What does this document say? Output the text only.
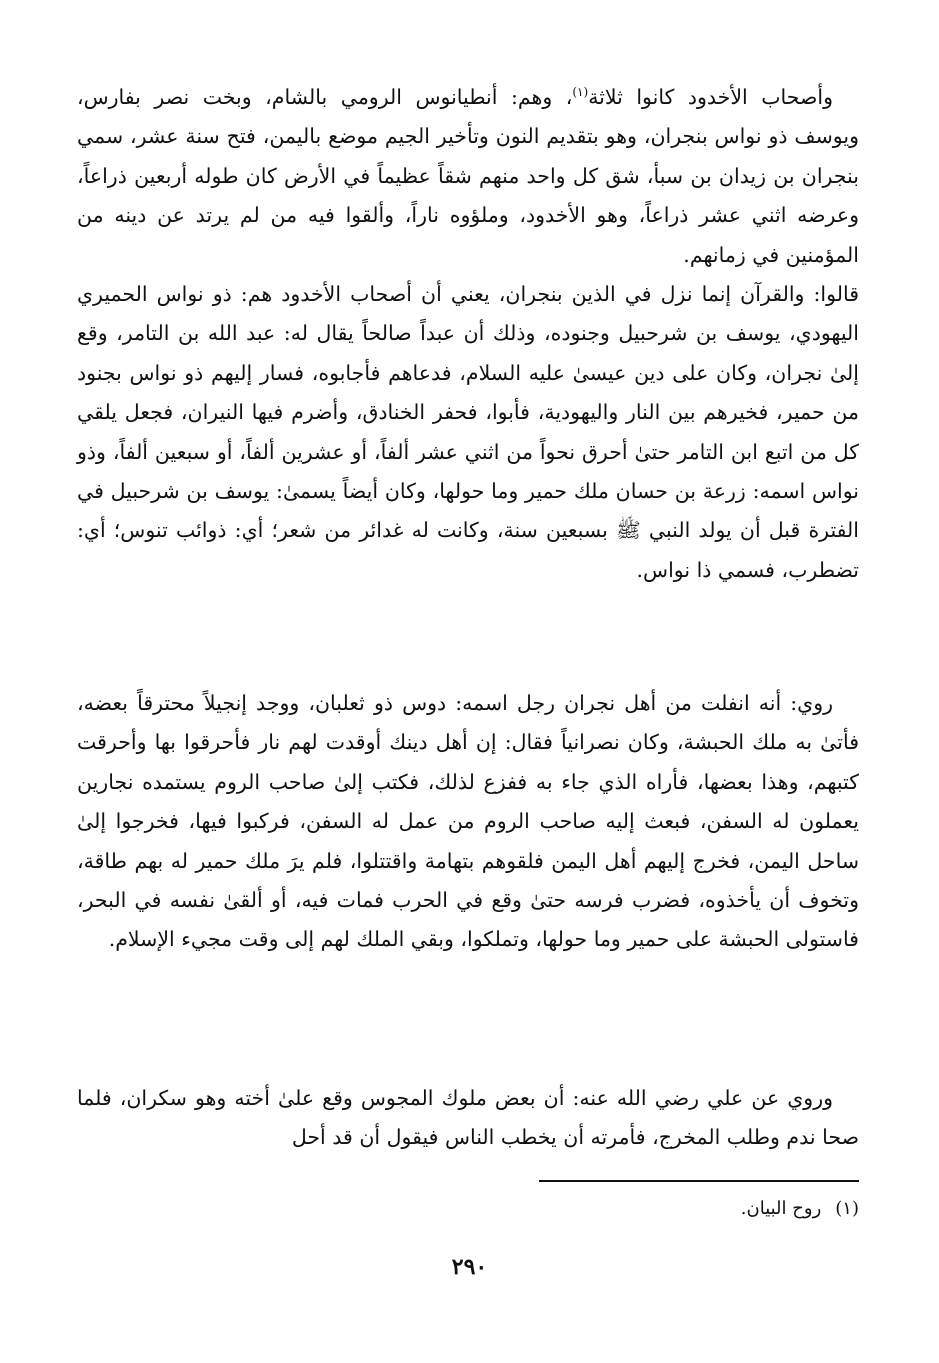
وأصحاب الأخدود كانوا ثلاثة$^{(١)}$، وهم: أنطيانوس الرومي بالشام، وبخت نصر بفارس، ويوسف ذو نواس بنجران، وهو بتقديم النون وتأخير الجيم موضع باليمن، فتح سنة عشر، سمي بنجران بن زيدان بن سبأ، شق كل واحد منهم شقاً عظيماً في الأرض كان طوله أربعين ذراعاً، وعرضه اثني عشر ذراعاً، وهو الأخدود، وملؤوه ناراً، وألقوا فيه من لم يرتد عن دينه من المؤمنين في زمانهم.

قالوا: والقرآن إنما نزل في الذين بنجران، يعني أن أصحاب الأخدود هم: ذو نواس الحميري اليهودي، يوسف بن شرحبيل وجنوده، وذلك أن عبداً صالحاً يقال له: عبد الله بن التامر، وقع إلىٰ نجران، وكان على دين عيسىٰ عليه السلام، فدعاهم فأجابوه، فسار إليهم ذو نواس بجنود من حمير، فخيرهم بين النار واليهودية، فأبوا، فحفر الخنادق، وأضرم فيها النيران، فجعل يلقي كل من اتبع ابن التامر حتىٰ أحرق نحواً من اثني عشر ألفاً، أو عشرين ألفاً، أو سبعين ألفاً، وذو نواس اسمه: زرعة بن حسان ملك حمير وما حولها، وكان أيضاً يسمىٰ: يوسف بن شرحبيل في الفترة قبل أن يولد النبي ﷺ بسبعين سنة، وكانت له غدائر من شعر؛ أي: ذوائب تنوس؛ أي: تضطرب، فسمي ذا نواس.

روي: أنه انفلت من أهل نجران رجل اسمه: دوس ذو ثعلبان، ووجد إنجيلاً محترقاً بعضه، فأتىٰ به ملك الحبشة، وكان نصرانياً فقال: إن أهل دينك أوقدت لهم نار فأحرقوا بها وأحرقت كتبهم، وهذا بعضها، فأراه الذي جاء به ففزع لذلك، فكتب إلىٰ صاحب الروم يستمده نجارين يعملون له السفن، فبعث إليه صاحب الروم من عمل له السفن، فركبوا فيها، فخرجوا إلىٰ ساحل اليمن، فخرج إليهم أهل اليمن فلقوهم بتهامة واقتتلوا، فلم يرَ ملك حمير له بهم طاقة، وتخوف أن يأخذوه، فضرب فرسه حتىٰ وقع في الحرب فمات فيه، أو ألقىٰ نفسه في البحر، فاستولى الحبشة على حمير وما حولها، وتملكوا، وبقي الملك لهم إلى وقت مجيء الإسلام.

وروي عن علي رضي الله عنه: أن بعض ملوك المجوس وقع علىٰ أخته وهو سكران، فلما صحا ندم وطلب المخرج، فأمرته أن يخطب الناس فيقول أن قد أحل

(١)روح البيان.
٢٩٠
